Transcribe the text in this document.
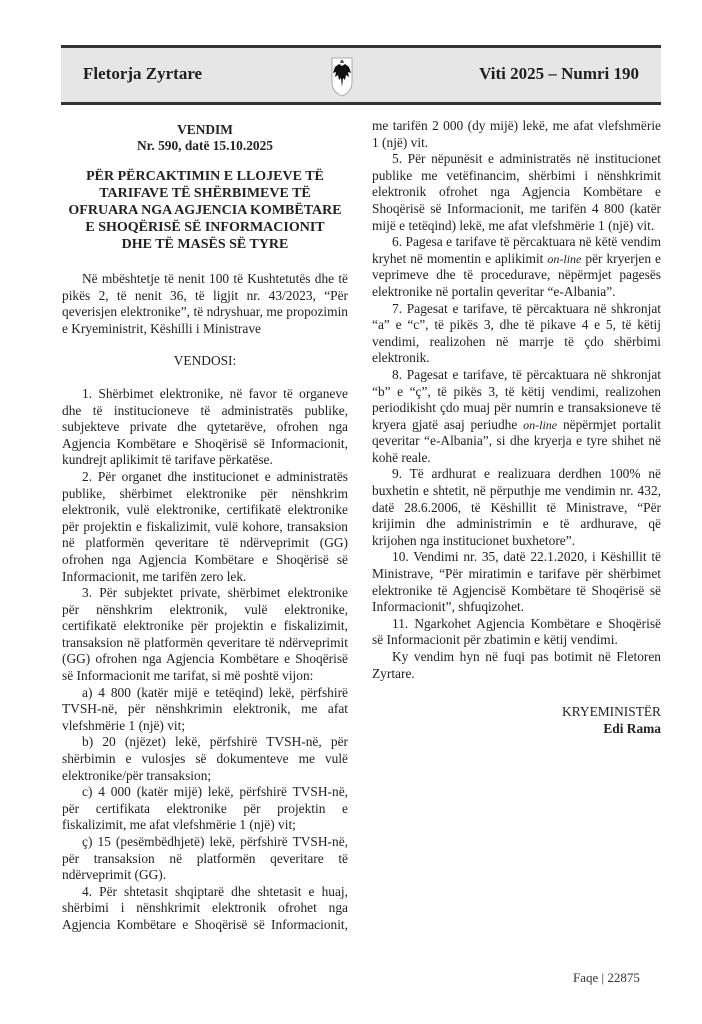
Fletorja Zyrtare	Viti 2025 – Numri 190

VENDIM

Nr. 590, datë 15.10.2025

PËR PËRCAKTIMIN E LLOJEVE TË
TARIFAVE TË SHËRBIMEVE TË
OFRUARA NGA AGJENCIA KOMBËTARE
E SHOQËRISË SË INFORMACIONIT
DHE TË MASËS SË TYRE

Në mbështetje të nenit 100 të Kushtetutës dhe të pikës 2, të nenit 36, të ligjit nr. 43/2023, “Për qeverisjen elektronike”, të ndryshuar, me propozimin e Kryeministrit, Këshilli i Ministrave

VENDOSI:

1. Shërbimet elektronike, në favor të organeve dhe të institucioneve të administratës publike, subjekteve private dhe qytetarëve, ofrohen nga Agjencia Kombëtare e Shoqërisë së Informacionit, kundrejt aplikimit të tarifave përkatëse.

2. Për organet dhe institucionet e administratës publike, shërbimet elektronike për nënshkrim elektronik, vulë elektronike, certifikatë elektronike për projektin e fiskalizimit, vulë kohore, transaksion në platformën qeveritare të ndërveprimit (GG) ofrohen nga Agjencia Kombëtare e Shoqërisë së Informacionit, me tarifën zero lek.

3. Për subjektet private, shërbimet elektronike për nënshkrim elektronik, vulë elektronike, certifikatë elektronike për projektin e fiskalizimit, transaksion në platformën qeveritare të ndërveprimit (GG) ofrohen nga Agjencia Kombëtare e Shoqërisë së Informacionit me tarifat, si më poshtë vijon:

a) 4 800 (katër mijë e tetëqind) lekë, përfshirë TVSH-në, për nënshkrimin elektronik, me afat vlefshmërie 1 (një) vit;

b) 20 (njëzet) lekë, përfshirë TVSH-në, për shërbimin e vulosjes së dokumenteve me vulë elektronike/për transaksion;

c) 4 000 (katër mijë) lekë, përfshirë TVSH-në, për certifikata elektronike për projektin e fiskalizimit, me afat vlefshmërie 1 (një) vit;

ç) 15 (pesëmbëdhjetë) lekë, përfshirë TVSH-në, për transaksion në platformën qeveritare të ndërveprimit (GG).

4. Për shtetasit shqiptarë dhe shtetasit e huaj, shërbimi i nënshkrimit elektronik ofrohet nga Agjencia Kombëtare e Shoqërisë së Informacionit,

me tarifën 2 000 (dy mijë) lekë, me afat vlefshmërie 1 (një) vit.

5. Për nëpunësit e administratës në institucionet publike me vetëfinancim, shërbimi i nënshkrimit elektronik ofrohet nga Agjencia Kombëtare e Shoqërisë së Informacionit, me tarifën 4 800 (katër mijë e tetëqind) lekë, me afat vlefshmërie 1 (një) vit.

6. Pagesa e tarifave të përcaktuara në këtë vendim kryhet në momentin e aplikimit on-line për kryerjen e veprimeve dhe të procedurave, nëpërmjet pagesës elektronike në portalin qeveritar “e-Albania”.

7. Pagesat e tarifave, të përcaktuara në shkronjat “a” e “c”, të pikës 3, dhe të pikave 4 e 5, të këtij vendimi, realizohen në marrje të çdo shërbimi elektronik.

8. Pagesat e tarifave, të përcaktuara në shkronjat “b” e “ç”, të pikës 3, të këtij vendimi, realizohen periodikisht çdo muaj për numrin e transaksioneve të kryera gjatë asaj periudhe on-line nëpërmjet portalit qeveritar “e-Albania”, si dhe kryerja e tyre shihet në kohë reale.

9. Të ardhurat e realizuara derdhen 100% në buxhetin e shtetit, në përputhje me vendimin nr. 432, datë 28.6.2006, të Këshillit të Ministrave, “Për krijimin dhe administrimin e të ardhurave, që krijohen nga institucionet buxhetore”.

10. Vendimi nr. 35, datë 22.1.2020, i Këshillit të Ministrave, “Për miratimin e tarifave për shërbimet elektronike të Agjencisë Kombëtare të Shoqërisë së Informacionit”, shfuqizohet.

11. Ngarkohet Agjencia Kombëtare e Shoqërisë së Informacionit për zbatimin e këtij vendimi.

Ky vendim hyn në fuqi pas botimit në Fletoren Zyrtare.

KRYEMINISTËR
Edi Rama
Faqe | 22875
